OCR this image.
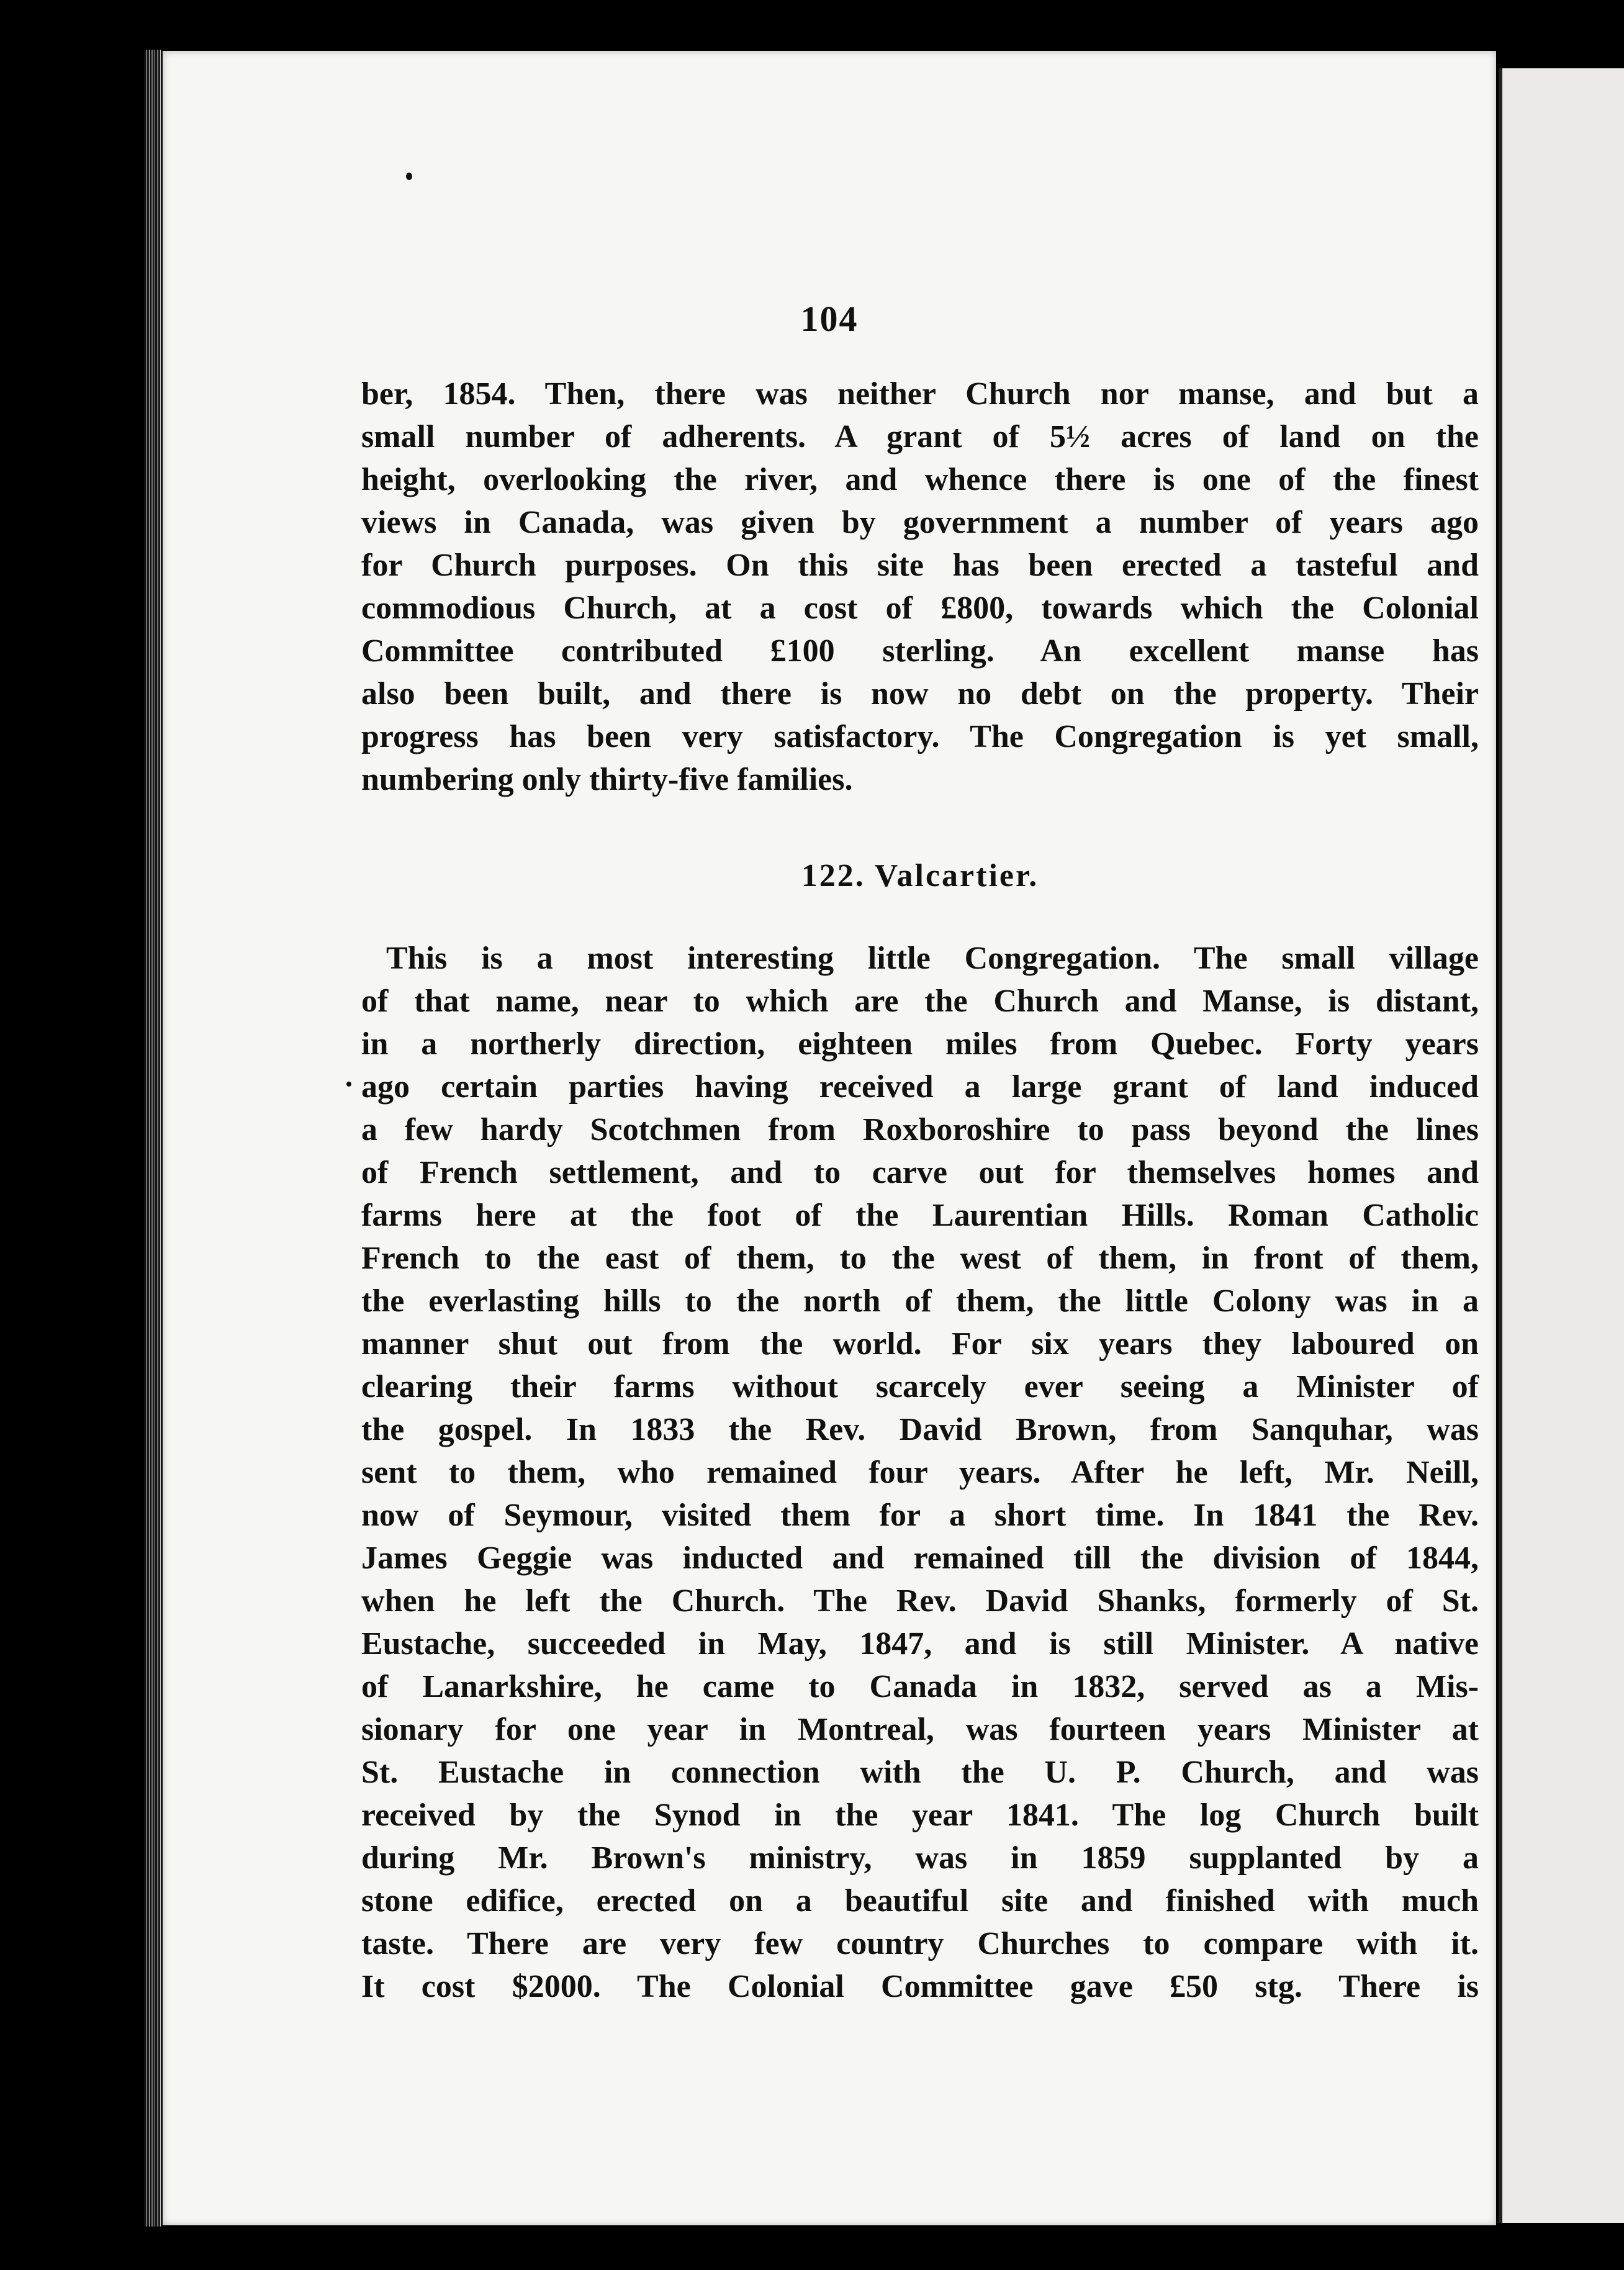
104
ber, 1854. Then, there was neither Church nor manse, and but a
small number of adherents. A grant of 5½ acres of land on the
height, overlooking the river, and whence there is one of the finest
views in Canada, was given by government a number of years ago
for Church purposes. On this site has been erected a tasteful and
commodious Church, at a cost of £800, towards which the Colonial
Committee contributed £100 sterling. An excellent manse has
also been built, and there is now no debt on the property. Their
progress has been very satisfactory. The Congregation is yet small,
numbering only thirty-five families.
122. Valcartier.
This is a most interesting little Congregation. The small village
of that name, near to which are the Church and Manse, is distant,
in a northerly direction, eighteen miles from Quebec. Forty years
ago certain parties having received a large grant of land induced
a few hardy Scotchmen from Roxboroshire to pass beyond the lines
of French settlement, and to carve out for themselves homes and
farms here at the foot of the Laurentian Hills. Roman Catholic
French to the east of them, to the west of them, in front of them,
the everlasting hills to the north of them, the little Colony was in a
manner shut out from the world. For six years they laboured on
clearing their farms without scarcely ever seeing a Minister of
the gospel. In 1833 the Rev. David Brown, from Sanquhar, was
sent to them, who remained four years. After he left, Mr. Neill,
now of Seymour, visited them for a short time. In 1841 the Rev.
James Geggie was inducted and remained till the division of 1844,
when he left the Church. The Rev. David Shanks, formerly of St.
Eustache, succeeded in May, 1847, and is still Minister. A native
of Lanarkshire, he came to Canada in 1832, served as a Mis-
sionary for one year in Montreal, was fourteen years Minister at
St. Eustache in connection with the U. P. Church, and was
received by the Synod in the year 1841. The log Church built
during Mr. Brown's ministry, was in 1859 supplanted by a
stone edifice, erected on a beautiful site and finished with much
taste. There are very few country Churches to compare with it.
It cost $2000. The Colonial Committee gave £50 stg. There is
